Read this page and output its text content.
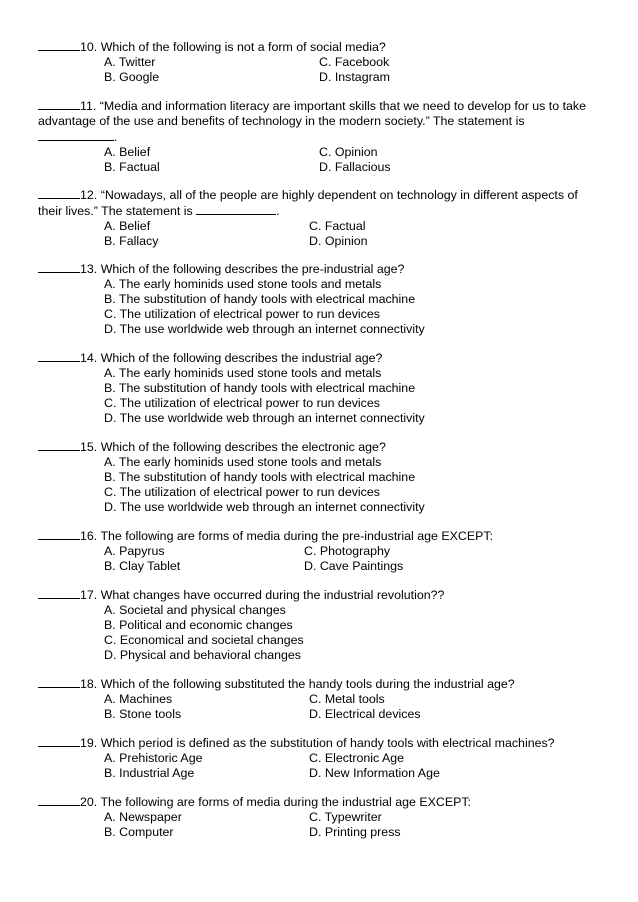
10. Which of the following is not a form of social media?
A. Twitter	C. Facebook
B. Google	D. Instagram
11. “Media and information literacy are important skills that we need to develop for us to take advantage of the use and benefits of technology in the modern society.” The statement is
.
A. Belief	C. Opinion
B. Factual	D. Fallacious
12. “Nowadays, all of the people are highly dependent on technology in different aspects of their lives.” The statement is	.
A. Belief	C. Factual
B. Fallacy	D. Opinion
13. Which of the following describes the pre-industrial age?
A. The early hominids used stone tools and metals
B. The substitution of handy tools with electrical machine
C. The utilization of electrical power to run devices
D. The use worldwide web through an internet connectivity
14. Which of the following describes the industrial age?
A. The early hominids used stone tools and metals
B. The substitution of handy tools with electrical machine
C. The utilization of electrical power to run devices
D. The use worldwide web through an internet connectivity
15. Which of the following describes the electronic age?
A. The early hominids used stone tools and metals
B. The substitution of handy tools with electrical machine
C. The utilization of electrical power to run devices
D. The use worldwide web through an internet connectivity
16. The following are forms of media during the pre-industrial age EXCEPT:
A. Papyrus	C. Photography
B. Clay Tablet	D. Cave Paintings
17. What changes have occurred during the industrial revolution??
A. Societal and physical changes
B. Political and economic changes
C. Economical and societal changes
D. Physical and behavioral changes
18. Which of the following substituted the handy tools during the industrial age?
A. Machines	C. Metal tools
B. Stone tools	D. Electrical devices
19. Which period is defined as the substitution of handy tools with electrical machines?
A. Prehistoric Age	C. Electronic Age
B. Industrial Age	D. New Information Age
20. The following are forms of media during the industrial age EXCEPT:
A. Newspaper	C. Typewriter
B. Computer	D. Printing press
